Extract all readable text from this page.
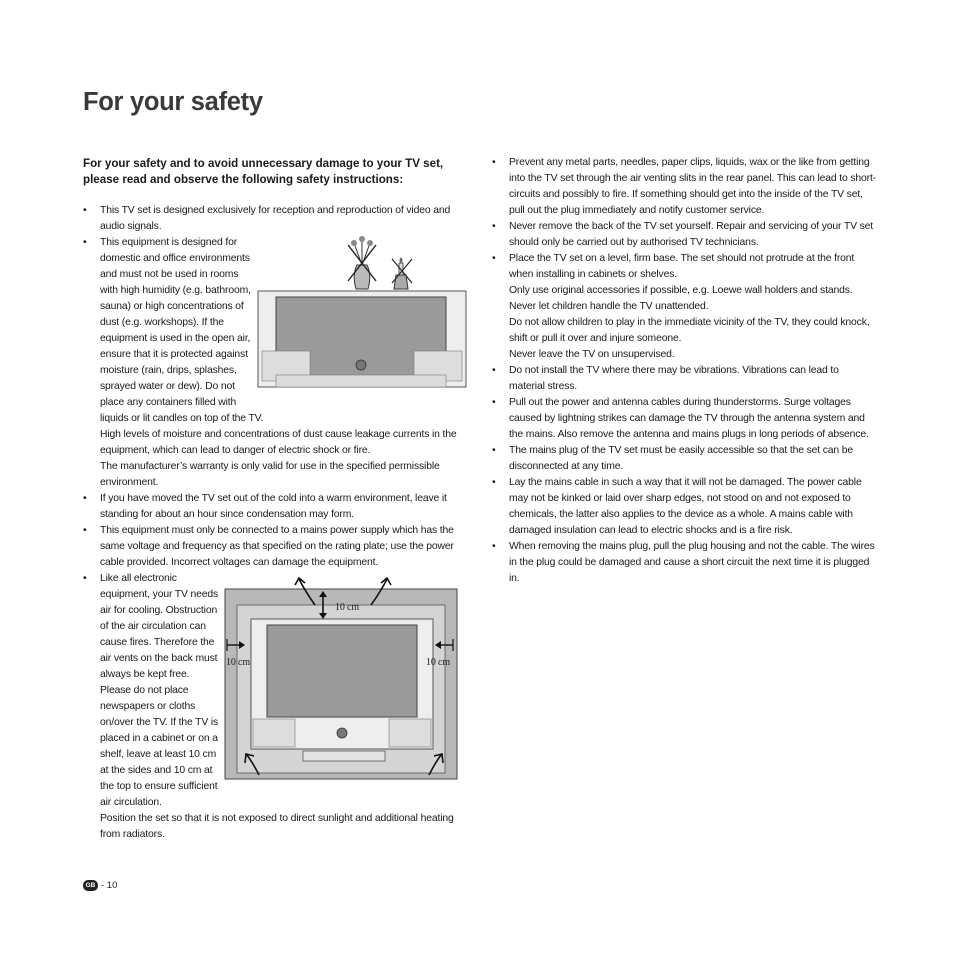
For your safety

For your safety and to avoid unnecessary damage to your TV set, please read and observe the following safety instructions:

• This TV set is designed exclusively for reception and reproduction of video and audio signals.
• This equipment is designed for domestic and office environments and must not be used in rooms with high humidity (e.g. bathroom, sauna) or high concentrations of dust (e.g. workshops). If the equipment is used in the open air, ensure that it is protected against moisture (rain, drips, splashes, sprayed water or dew). Do not place any containers filled with liquids or lit candles on top of the TV.
High levels of moisture and concentrations of dust cause leakage currents in the equipment, which can lead to danger of electric shock or fire.
The manufacturer’s warranty is only valid for use in the specified permissible environment.
• If you have moved the TV set out of the cold into a warm environment, leave it standing for about an hour since condensation may form.
• This equipment must only be connected to a mains power supply which has the same voltage and frequency as that specified on the rating plate; use the power cable provided. Incorrect voltages can damage the equipment.
•
10 cm
10 cm	10 cm
Like all electronic equipment, your TV needs air for cooling. Obstruction of the air circulation can cause fires. Therefore the air vents on the back must always be kept free. Please do not place newspapers or cloths on/over the TV. If the TV is placed in a cabinet or on a shelf, leave at least 10 cm at the sides and 10 cm at the top to ensure sufficient air circulation.
Position the set so that it is not exposed to direct sunlight and additional heating from radiators.
• Prevent any metal parts, needles, paper clips, liquids, wax or the like from getting into the TV set through the air venting slits in the rear panel. This can lead to short-circuits and possibly to fire. If something should get into the inside of the TV set, pull out the plug immediately and notify customer service.
• Never remove the back of the TV set yourself. Repair and servicing of your TV set should only be carried out by authorised TV technicians.
• Place the TV set on a level, firm base. The set should not protrude at the front when installing in cabinets or shelves.
Only use original accessories if possible, e.g. Loewe wall holders and stands.
Never let children handle the TV unattended.
Do not allow children to play in the immediate vicinity of the TV, they could knock, shift or pull it over and injure someone.
Never leave the TV on unsupervised.
• Do not install the TV where there may be vibrations. Vibrations can lead to material stress.
• Pull out the power and antenna cables during thunderstorms. Surge voltages caused by lightning strikes can damage the TV through the antenna system and the mains. Also remove the antenna and mains plugs in long periods of absence.
• The mains plug of the TV set must be easily accessible so that the set can be disconnected at any time.
• Lay the mains cable in such a way that it will not be damaged. The power cable may not be kinked or laid over sharp edges, not stood on and not exposed to chemicals, the latter also applies to the device as a whole. A mains cable with damaged insulation can lead to electric shocks and is a fire risk.
• When removing the mains plug, pull the plug housing and not the cable. The wires in the plug could be damaged and cause a short circuit the next time it is plugged in.
GB - 10
